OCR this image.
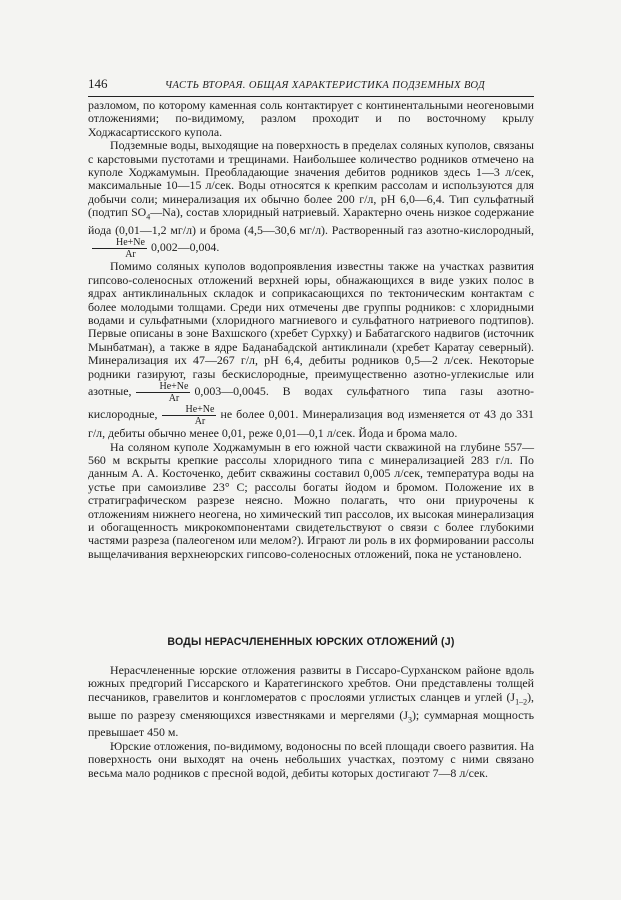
146	ЧАСТЬ ВТОРАЯ. ОБЩАЯ ХАРАКТЕРИСТИКА ПОДЗЕМНЫХ ВОД

разломом, по которому каменная соль контактирует с континентальными неогеновыми отложениями; по-видимому, разлом проходит и по восточному крылу Ходжасартисского купола.

Подземные воды, выходящие на поверхность в пределах соляных куполов, связаны с карстовыми пустотами и трещинами. Наибольшее количество родников отмечено на куполе Ходжамумын. Преобладающие значения дебитов родников здесь 1—3 л/сек, максимальные 10—15 л/сек. Воды относятся к крепким рассолам и используются для добычи соли; минерализация их обычно более 200 г/л, pH 6,0—6,4. Тип сульфатный (подтип $SO_4—Na$), состав хлоридный натриевый. Характерно очень низкое содержание йода (0,01—1,2 мг/л) и брома (4,5—30,6 мг/л). Растворенный газ азотно-кислородный,
$\frac{He+Ne}{Ar}$ 0,002—0,004.

Помимо соляных куполов водопроявления известны также на участках развития гипсово-соленосных отложений верхней юры, обнажающихся в виде узких полос в ядрах антиклинальных складок и соприкасающихся по тектоническим контактам с более молодыми толщами. Среди них отмечены две группы родников: с хлоридными водами и сульфатными (хлоридного магниевого и сульфатного натриевого подтипов). Первые описаны в зоне Вахшского (хребет Сурхку) и Бабатагского надвигов (источник Мынбатман), а также в ядре Баданабадской антиклинали (хребет Каратау северный). Минерализация их 47—267 г/л, pH 6,4, дебиты родников 0,5—2 л/сек. Некоторые родники газируют, газы бескислородные, преимущественно азотно-углекислые или азотные, $\frac{He+Ne}{Ar}$ 0,003—0,0045. В водах сульфатного типа газы азотно-кислородные, $\frac{He+Ne}{Ar}$ не более 0,001. Минерализация вод изменяется от 43 до 331 г/л, дебиты обычно менее 0,01, реже 0,01—0,1 л/сек. Йода и брома мало.

На соляном куполе Ходжамумын в его южной части скважиной на глубине 557—560 м вскрыты крепкие рассолы хлоридного типа с минерализацией 283 г/л. По данным А. А. Косточенко, дебит скважины составил 0,005 л/сек, температура воды на устье при самоизливе 23° С; рассолы богаты йодом и бромом. Положение их в стратиграфическом разрезе неясно. Можно полагать, что они приурочены к отложениям нижнего неогена, но химический тип рассолов, их высокая минерализация и обогащенность микрокомпонентами свидетельствуют о связи с более глубокими частями разреза (палеогеном или мелом?). Играют ли роль в их формировании рассолы выщелачивания верхнеюрских гипсово-соленосных отложений, пока не установлено.

ВОДЫ НЕРАСЧЛЕНЕННЫХ ЮРСКИХ ОТЛОЖЕНИЙ (J)

Нерасчлененные юрские отложения развиты в Гиссаро-Сурханском районе вдоль южных предгорий Гиссарского и Каратегинского хребтов. Они представлены толщей песчаников, гравелитов и конгломератов с прослоями углистых сланцев и углей $(J_{1-2})$, выше по разрезу сменяющихся известняками и мергелями $(J_3)$; суммарная мощность превышает 450 м.

Юрские отложения, по-видимому, водоносны по всей площади своего развития. На поверхность они выходят на очень небольших участках, поэтому с ними связано весьма мало родников с пресной водой, дебиты которых достигают 7—8 л/сек.
